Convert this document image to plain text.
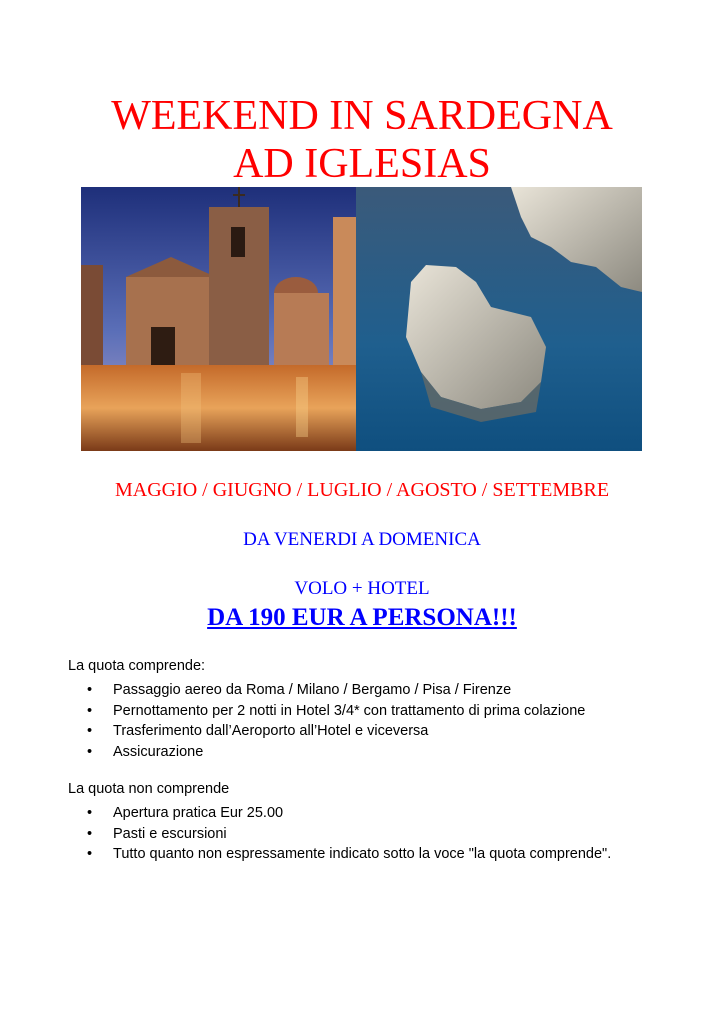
WEEKEND IN SARDEGNA
AD IGLESIAS
MAGGIO / GIUGNO / LUGLIO / AGOSTO / SETTEMBRE
DA VENERDI A DOMENICA
VOLO + HOTEL
DA 190 EUR A PERSONA!!!

La quota comprende:

• Passaggio aereo da Roma / Milano / Bergamo / Pisa / Firenze
• Pernottamento per 2 notti in Hotel 3/4* con trattamento di prima colazione
• Trasferimento dall’Aeroporto all’Hotel e viceversa
• Assicurazione

La quota non comprende

• Apertura pratica Eur 25.00
• Pasti e escursioni
• Tutto quanto non espressamente indicato sotto la voce "la quota comprende".
